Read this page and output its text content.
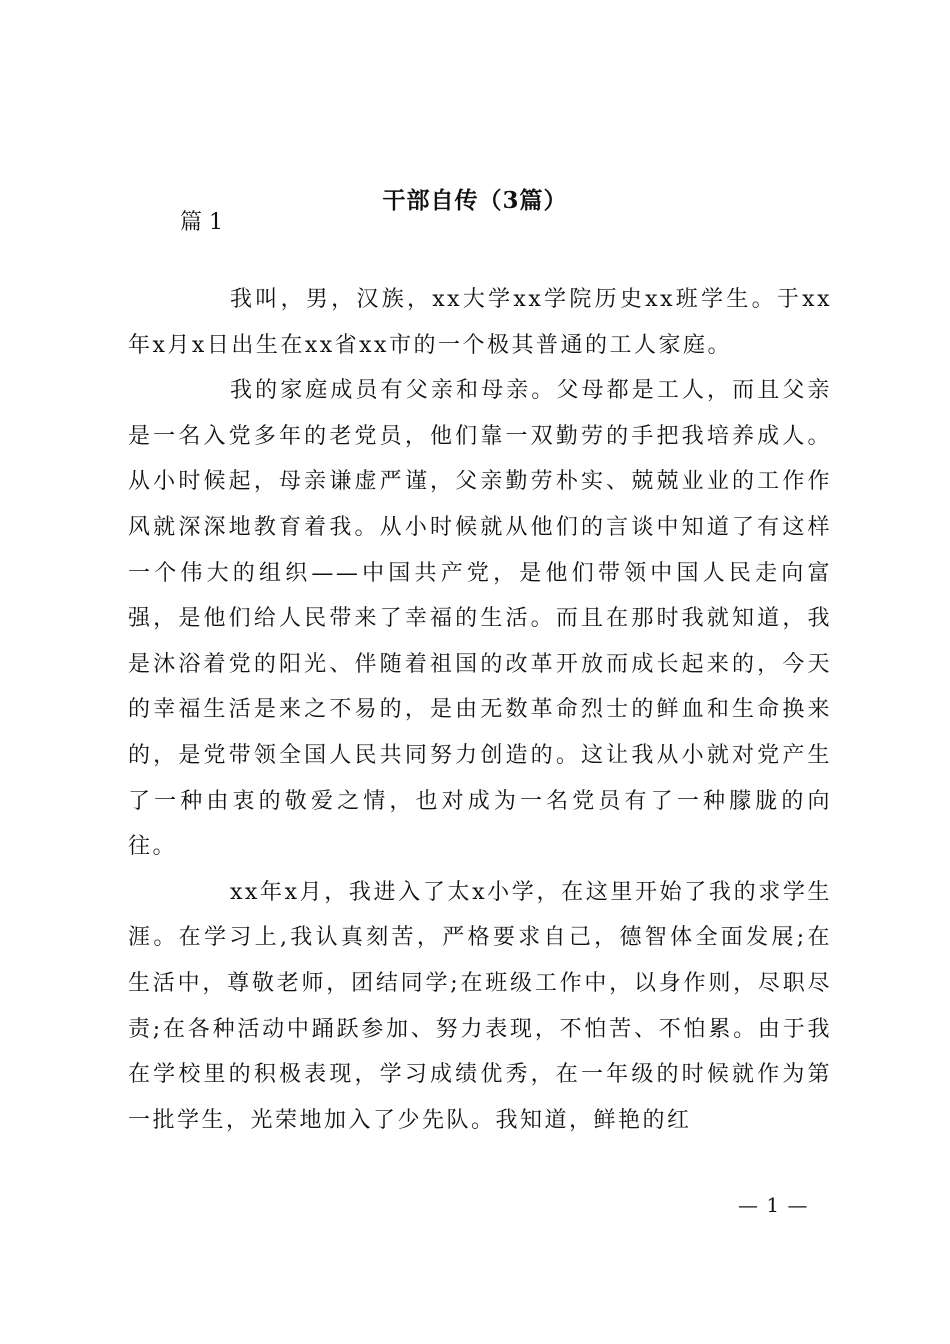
干部自传（3篇）
篇 1

我叫，男，汉族，xx大学xx学院历史xx班学生。于xx年x月x日出生在xx省xx市的一个极其普通的工人家庭。

我的家庭成员有父亲和母亲。父母都是工人，而且父亲是一名入党多年的老党员，他们靠一双勤劳的手把我培养成人。从小时候起，母亲谦虚严谨，父亲勤劳朴实、兢兢业业的工作作风就深深地教育着我。从小时候就从他们的言谈中知道了有这样一个伟大的组织——中国共产党，是他们带领中国人民走向富强，是他们给人民带来了幸福的生活。而且在那时我就知道，我是沐浴着党的阳光、伴随着祖国的改革开放而成长起来的，今天的幸福生活是来之不易的，是由无数革命烈士的鲜血和生命换来的，是党带领全国人民共同努力创造的。这让我从小就对党产生了一种由衷的敬爱之情，也对成为一名党员有了一种朦胧的向往。

xx年x月，我进入了太x小学，在这里开始了我的求学生涯。在学习上,我认真刻苦，严格要求自己，德智体全面发展;在生活中，尊敬老师，团结同学;在班级工作中，以身作则，尽职尽责;在各种活动中踊跃参加、努力表现，不怕苦、不怕累。由于我在学校里的积极表现，学习成绩优秀，在一年级的时候就作为第一批学生，光荣地加入了少先队。我知道，鲜艳的红

— 1 —
